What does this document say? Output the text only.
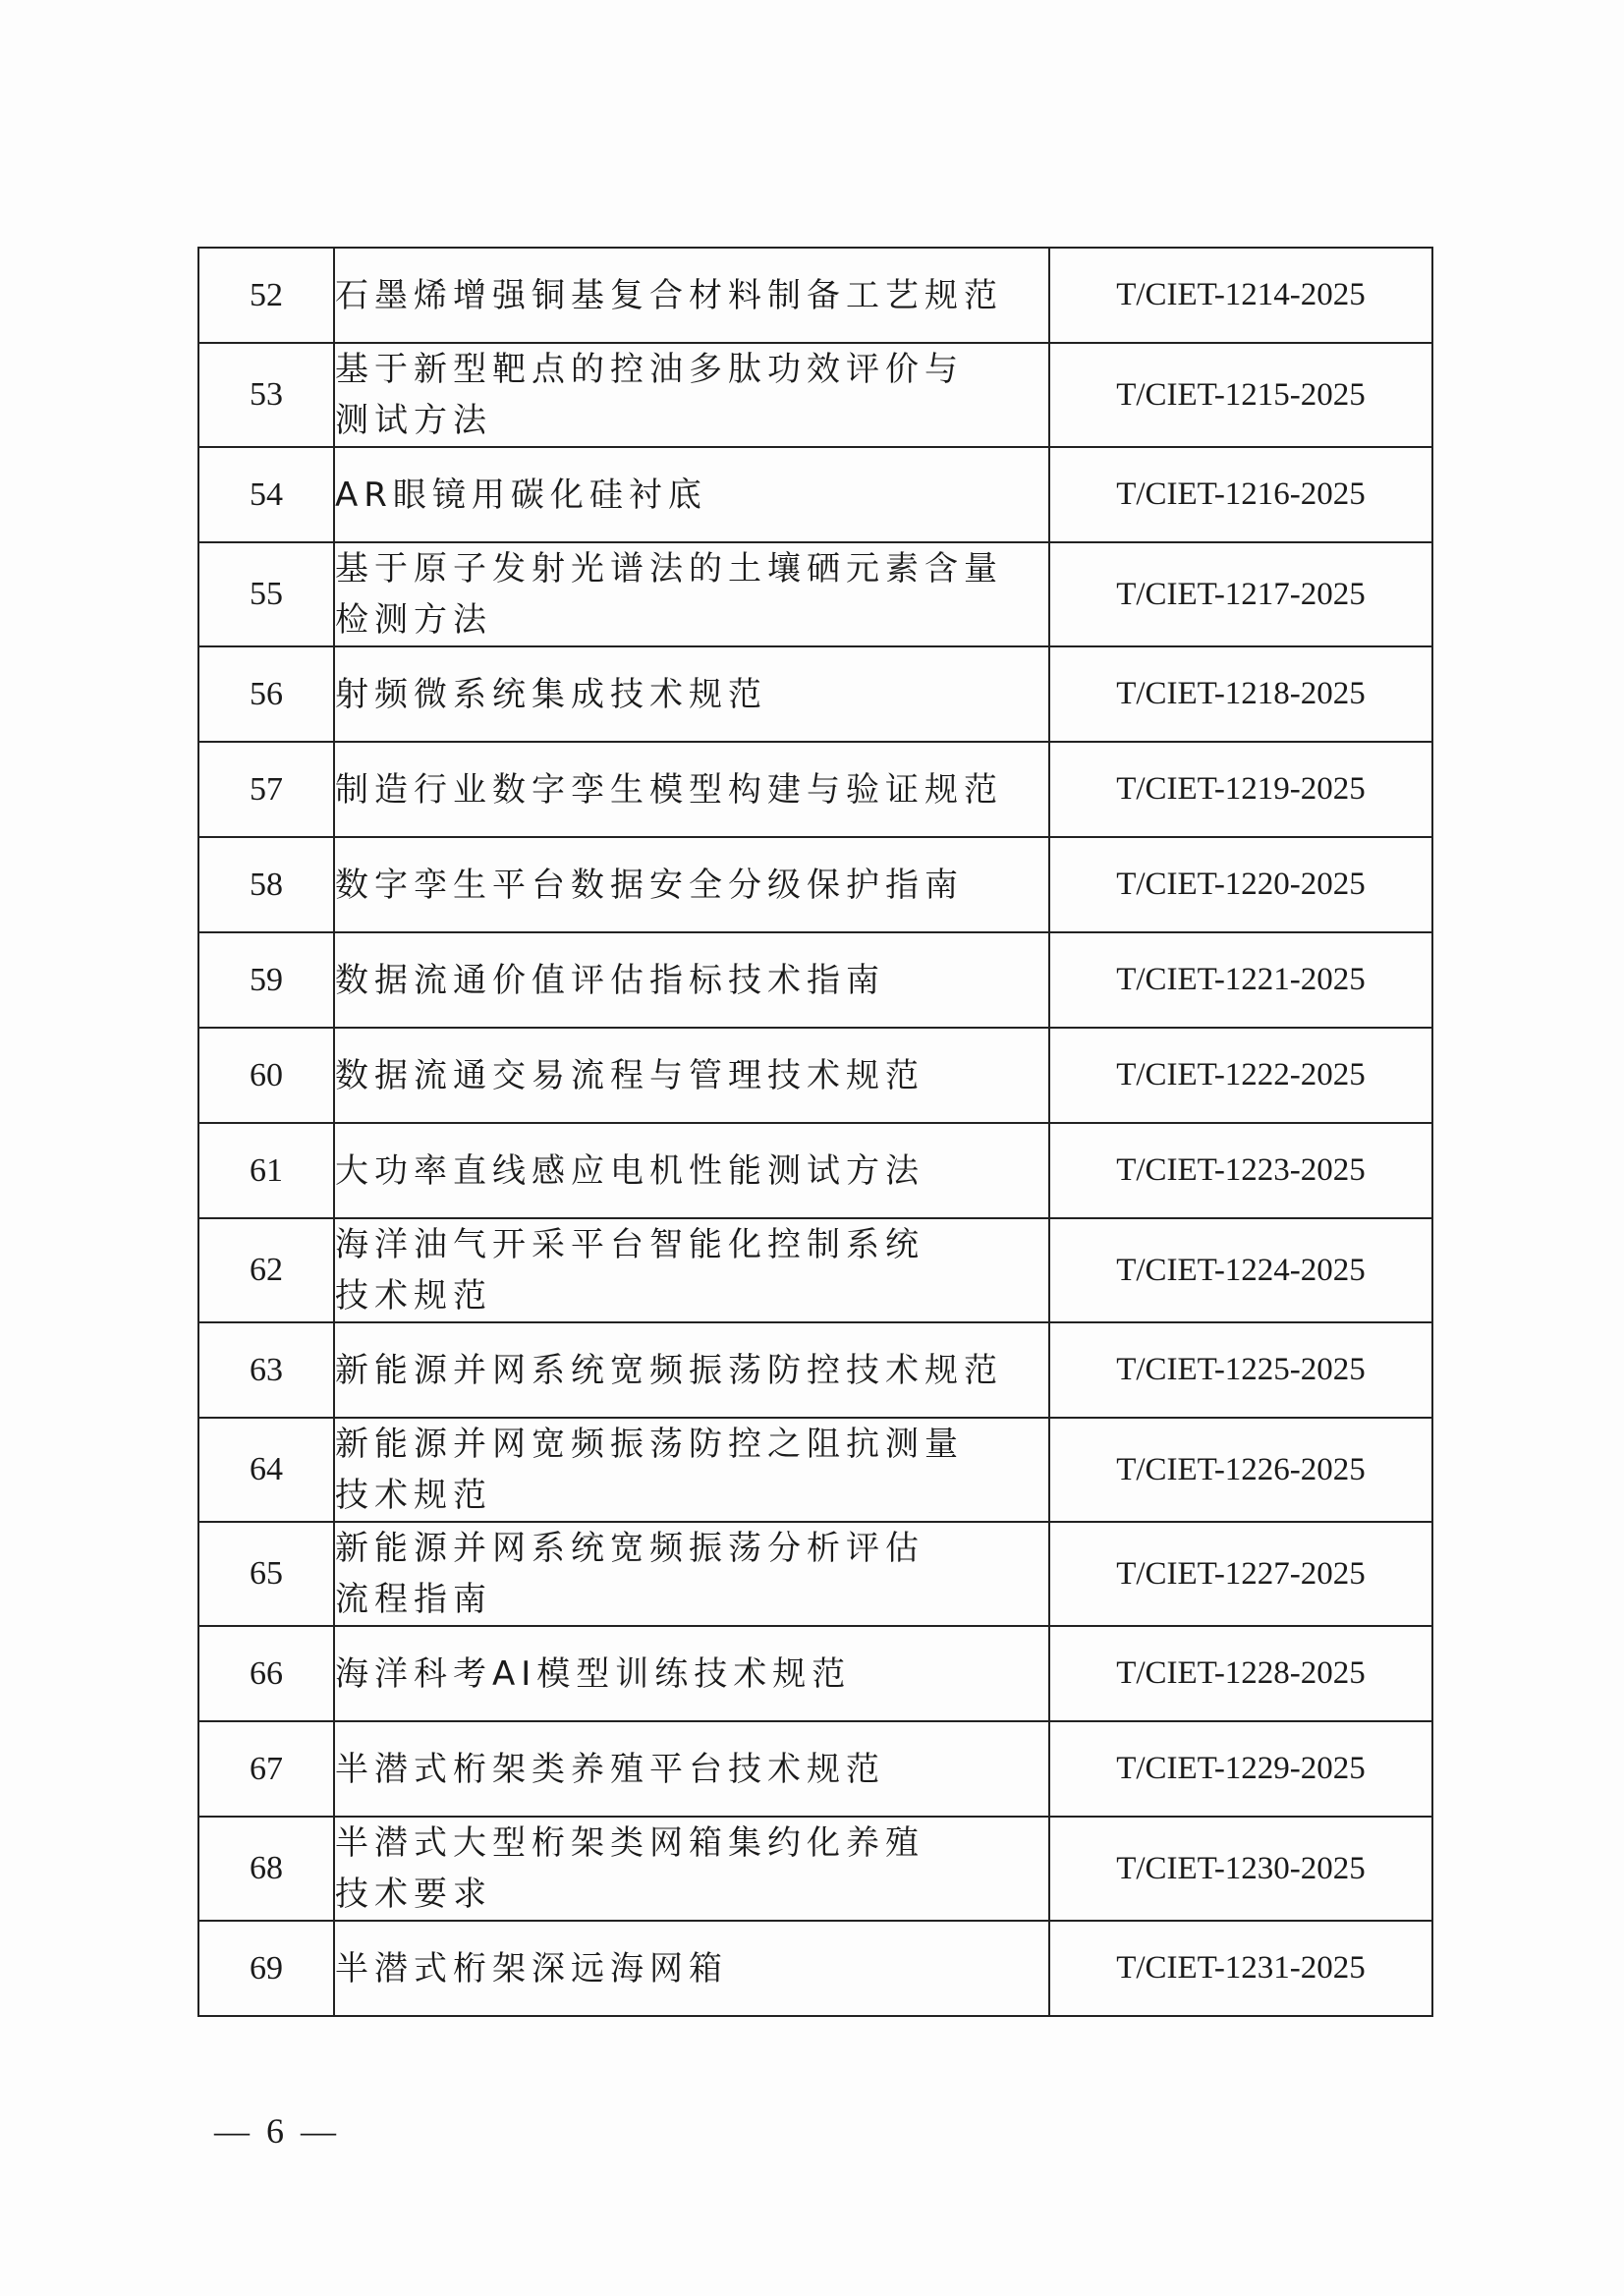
52	石墨烯增强铜基复合材料制备工艺规范	T/CIET-1214-2025
53	基于新型靶点的控油多肽功效评价与
测试方法	T/CIET-1215-2025
54	AR眼镜用碳化硅衬底	T/CIET-1216-2025
55	基于原子发射光谱法的土壤硒元素含量
检测方法	T/CIET-1217-2025
56	射频微系统集成技术规范	T/CIET-1218-2025
57	制造行业数字孪生模型构建与验证规范	T/CIET-1219-2025
58	数字孪生平台数据安全分级保护指南	T/CIET-1220-2025
59	数据流通价值评估指标技术指南	T/CIET-1221-2025
60	数据流通交易流程与管理技术规范	T/CIET-1222-2025
61	大功率直线感应电机性能测试方法	T/CIET-1223-2025
62	海洋油气开采平台智能化控制系统
技术规范	T/CIET-1224-2025
63	新能源并网系统宽频振荡防控技术规范	T/CIET-1225-2025
64	新能源并网宽频振荡防控之阻抗测量
技术规范	T/CIET-1226-2025
65	新能源并网系统宽频振荡分析评估
流程指南	T/CIET-1227-2025
66	海洋科考AI模型训练技术规范	T/CIET-1228-2025
67	半潜式桁架类养殖平台技术规范	T/CIET-1229-2025
68	半潜式大型桁架类网箱集约化养殖
技术要求	T/CIET-1230-2025
69	半潜式桁架深远海网箱	T/CIET-1231-2025
— 6 —
